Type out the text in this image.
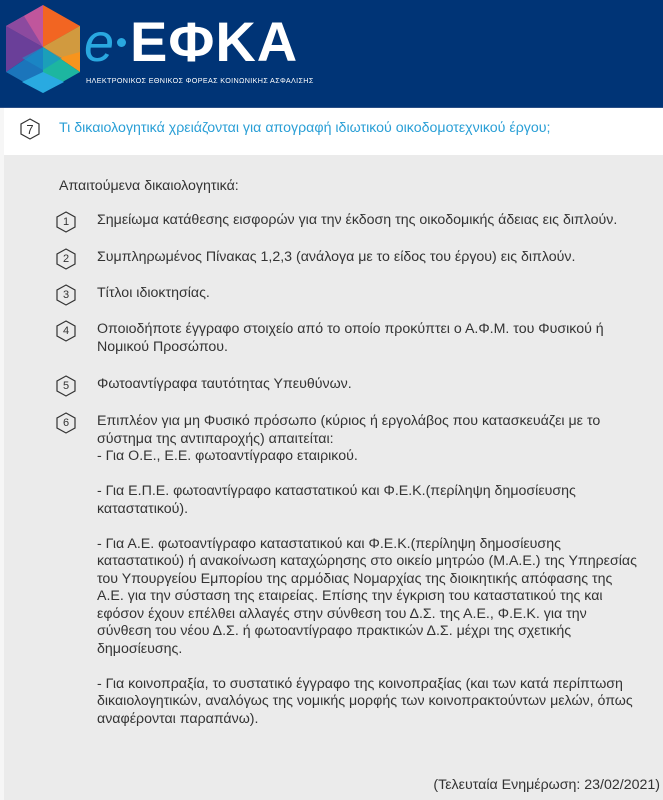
e ΕΦΚΑ
ΗΛΕΚΤΡΟΝΙΚΟΣ ΕΘΝΙΚΟΣ ΦΟΡΕΑΣ ΚΟΙΝΩΝΙΚΗΣ ΑΣΦΑΛΙΣΗΣ
7	Τι δικαιολογητικά χρειάζονται για απογραφή ιδιωτικού οικοδομοτεχνικού έργου;
Απαιτούμενα δικαιολογητικά:
1	Σημείωμα κατάθεσης εισφορών για την έκδοση της οικοδομικής άδειας εις διπλούν.
2	Συμπληρωμένος Πίνακας 1,2,3 (ανάλογα με το είδος του έργου) εις διπλούν.
3	Τίτλοι ιδιοκτησίας.
4	Οποιοδήποτε έγγραφο στοιχείο από το οποίο προκύπτει ο Α.Φ.Μ. του Φυσικού ή Νομικού Προσώπου.
5	Φωτοαντίγραφα ταυτότητας Υπευθύνων.
6	Επιπλέον για μη Φυσικό πρόσωπο (κύριος ή εργολάβος που κατασκευάζει με το σύστημα της αντιπαροχής) απαιτείται:
- Για Ο.Ε., Ε.Ε. φωτοαντίγραφο εταιρικού.
- Για Ε.Π.Ε. φωτοαντίγραφο καταστατικού και Φ.Ε.Κ.(περίληψη δημοσίευσης καταστατικού).
- Για Α.Ε. φωτοαντίγραφο καταστατικού και Φ.Ε.Κ.(περίληψη δημοσίευσης καταστατικού) ή ανακοίνωση καταχώρησης στο οικείο μητρώο (Μ.Α.Ε.) της Υπηρεσίας του Υπουργείου Εμπορίου της αρμόδιας Νομαρχίας της διοικητικής απόφασης της Α.Ε. για την σύσταση της εταιρείας. Επίσης την έγκριση του καταστατικού της και εφόσον έχουν επέλθει αλλαγές στην σύνθεση του Δ.Σ. της Α.Ε., Φ.Ε.Κ. για την σύνθεση του νέου Δ.Σ. ή φωτοαντίγραφο πρακτικών Δ.Σ. μέχρι της σχετικής δημοσίευσης.
- Για κοινοπραξία, το συστατικό έγγραφο της κοινοπραξίας (και των κατά περίπτωση δικαιολογητικών, αναλόγως της νομικής μορφής των κοινοπρακτούντων μελών, όπως αναφέρονται παραπάνω).
(Τελευταία Ενημέρωση: 23/02/2021)
